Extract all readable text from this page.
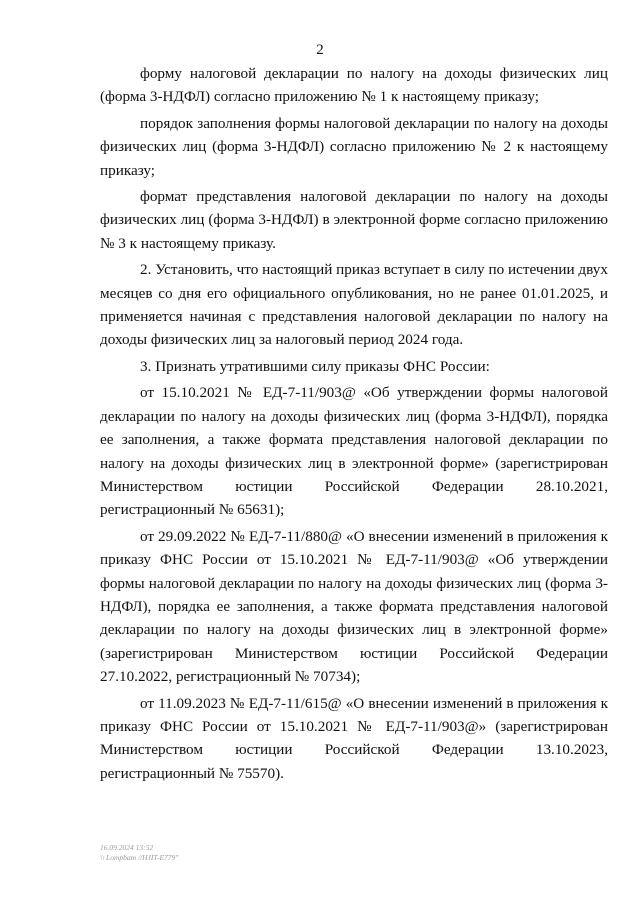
2

форму налоговой декларации по налогу на доходы физических лиц (форма 3-НДФЛ) согласно приложению № 1 к настоящему приказу;

порядок заполнения формы налоговой декларации по налогу на доходы физических лиц (форма 3-НДФЛ) согласно приложению № 2 к настоящему приказу;

формат представления налоговой декларации по налогу на доходы физических лиц (форма 3-НДФЛ) в электронной форме согласно приложению № 3 к настоящему приказу.

2. Установить, что настоящий приказ вступает в силу по истечении двух месяцев со дня его официального опубликования, но не ранее 01.01.2025, и применяется начиная с представления налоговой декларации по налогу на доходы физических лиц за налоговый период 2024 года.

3. Признать утратившими силу приказы ФНС России:

от 15.10.2021 № ЕД-7-11/903@ «Об утверждении формы налоговой декларации по налогу на доходы физических лиц (форма 3-НДФЛ), порядка ее заполнения, а также формата представления налоговой декларации по налогу на доходы физических лиц в электронной форме» (зарегистрирован Министерством юстиции Российской Федерации 28.10.2021, регистрационный № 65631);

от 29.09.2022 № ЕД-7-11/880@ «О внесении изменений в приложения к приказу ФНС России от 15.10.2021 № ЕД-7-11/903@ «Об утверждении формы налоговой декларации по налогу на доходы физических лиц (форма 3-НДФЛ), порядка ее заполнения, а также формата представления налоговой декларации по налогу на доходы физических лиц в электронной форме» (зарегистрирован Министерством юстиции Российской Федерации 27.10.2022, регистрационный № 70734);

от 11.09.2023 № ЕД-7-11/615@ «О внесении изменений в приложения к приказу ФНС России от 15.10.2021 № ЕД-7-11/903@» (зарегистрирован Министерством юстиции Российской Федерации 13.10.2023, регистрационный № 75570).

16.09.2024 13:52
\\ Lompbam //HJIT-E779"
